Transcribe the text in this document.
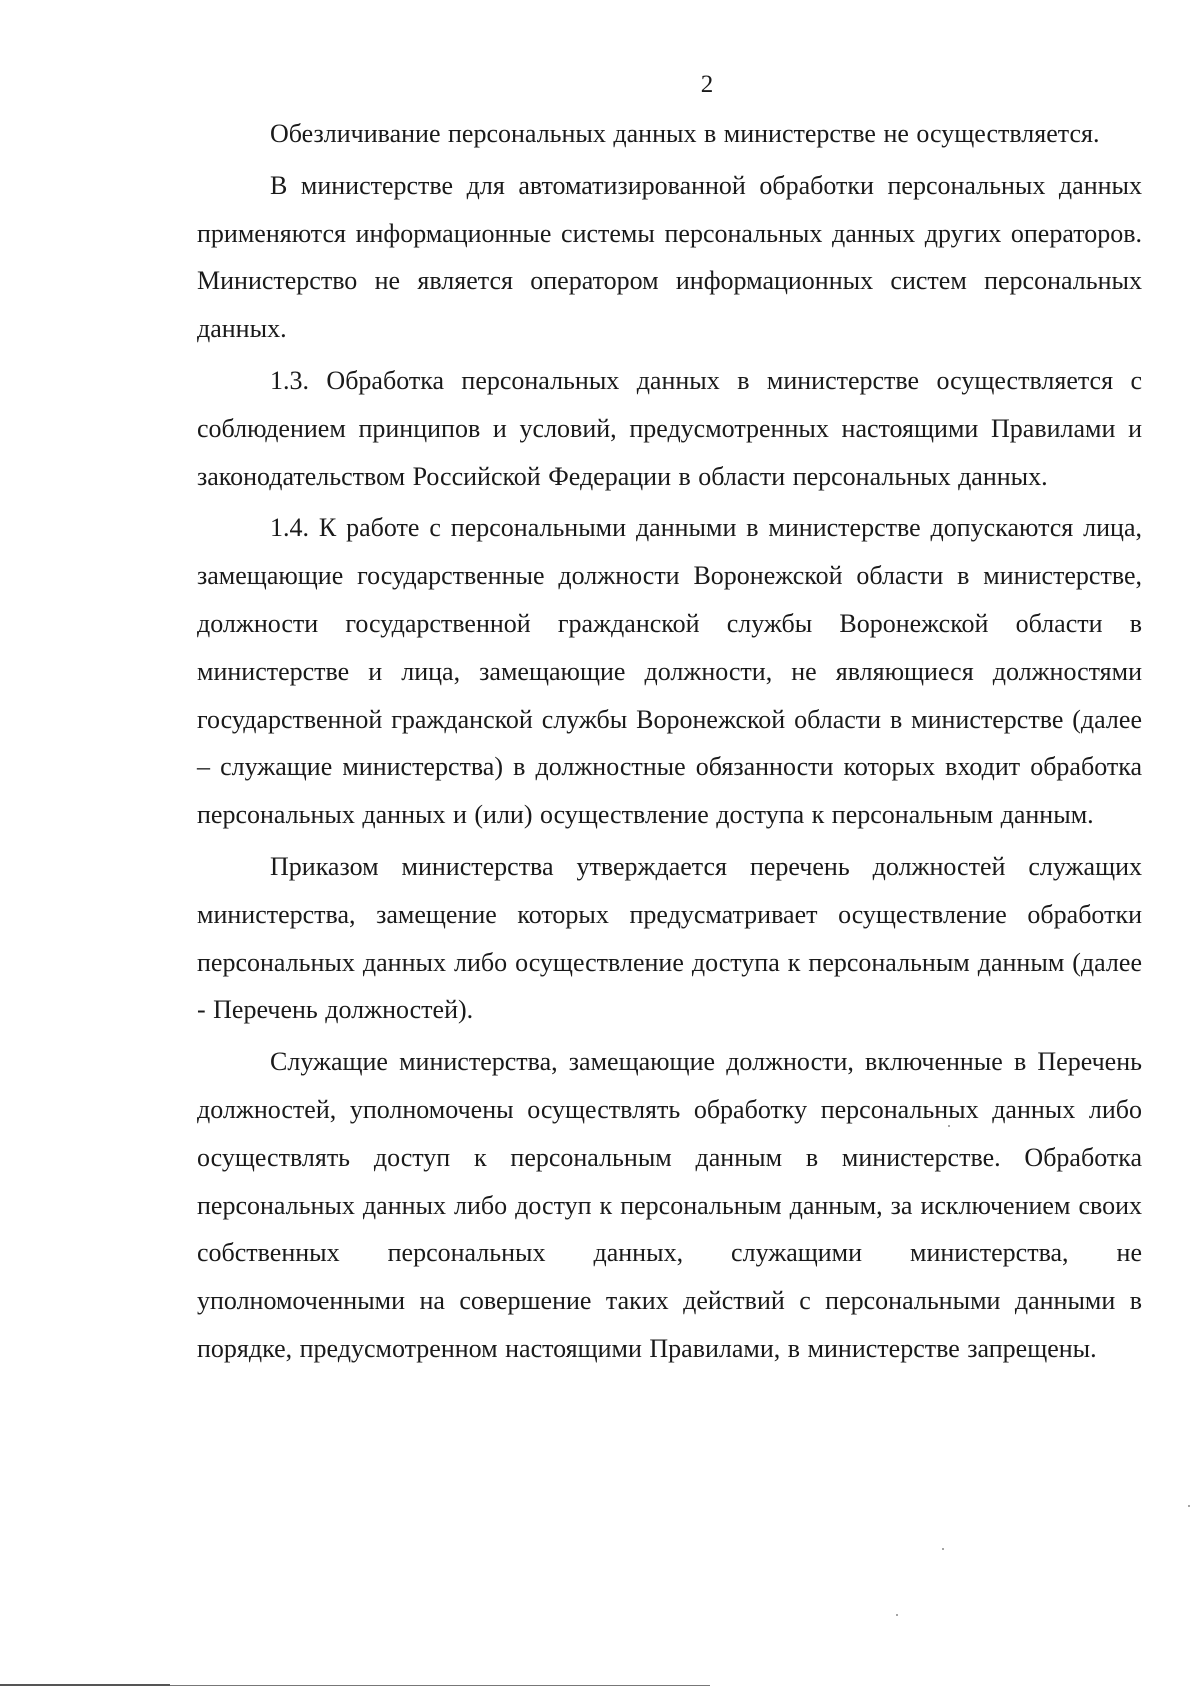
2

Обезличивание персональных данных в министерстве не осуществляется.

В министерстве для автоматизированной обработки персональных данных применяются информационные системы персональных данных других операторов. Министерство не является оператором информационных систем персональных данных.

1.3. Обработка персональных данных в министерстве осуществляется с соблюдением принципов и условий, предусмотренных настоящими Правилами и законодательством Российской Федерации в области персональных данных.

1.4. К работе с персональными данными в министерстве допускаются лица, замещающие государственные должности Воронежской области в министерстве, должности государственной гражданской службы Воронежской области в министерстве и лица, замещающие должности, не являющиеся должностями государственной гражданской службы Воронежской области в министерстве (далее – служащие министерства) в должностные обязанности которых входит обработка персональных данных и (или) осуществление доступа к персональным данным.

Приказом министерства утверждается перечень должностей служащих министерства, замещение которых предусматривает осуществление обработки персональных данных либо осуществление доступа к персональным данным (далее - Перечень должностей).

Служащие министерства, замещающие должности, включенные в Перечень должностей, уполномочены осуществлять обработку персональных данных либо осуществлять доступ к персональным данным в министерстве. Обработка персональных данных либо доступ к персональным данным, за исключением своих собственных персональных данных, служащими министерства, не уполномоченными на совершение таких действий с персональными данными в порядке, предусмотренном настоящими Правилами, в министерстве запрещены.
